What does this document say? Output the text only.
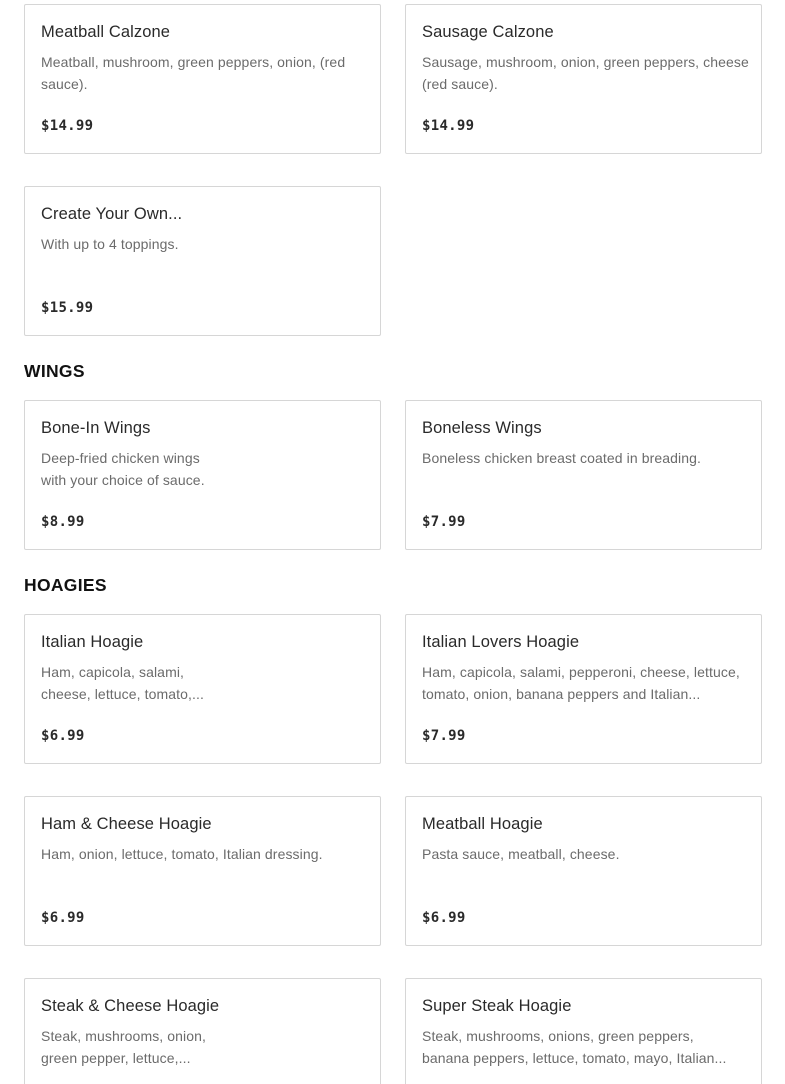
Meatball Calzone
Meatball, mushroom, green peppers, onion, (red
sauce).
$14.99
Sausage Calzone
Sausage, mushroom, onion, green peppers, cheese
(red sauce).
$14.99
Create Your Own...
With up to 4 toppings.
$15.99
WINGS
Bone-In Wings
Deep-fried chicken wings
with your choice of sauce.
$8.99
Boneless Wings
Boneless chicken breast coated in breading.
$7.99
HOAGIES
Italian Hoagie
Ham, capicola, salami,
cheese, lettuce, tomato,...
$6.99
Italian Lovers Hoagie
Ham, capicola, salami, pepperoni, cheese, lettuce,
tomato, onion, banana peppers and Italian...
$7.99
Ham & Cheese Hoagie
Ham, onion, lettuce, tomato, Italian dressing.
$6.99
Meatball Hoagie
Pasta sauce, meatball, cheese.
$6.99
Steak & Cheese Hoagie
Steak, mushrooms, onion,
green pepper, lettuce,...
Super Steak Hoagie
Steak, mushrooms, onions, green peppers,
banana peppers, lettuce, tomato, mayo, Italian...
